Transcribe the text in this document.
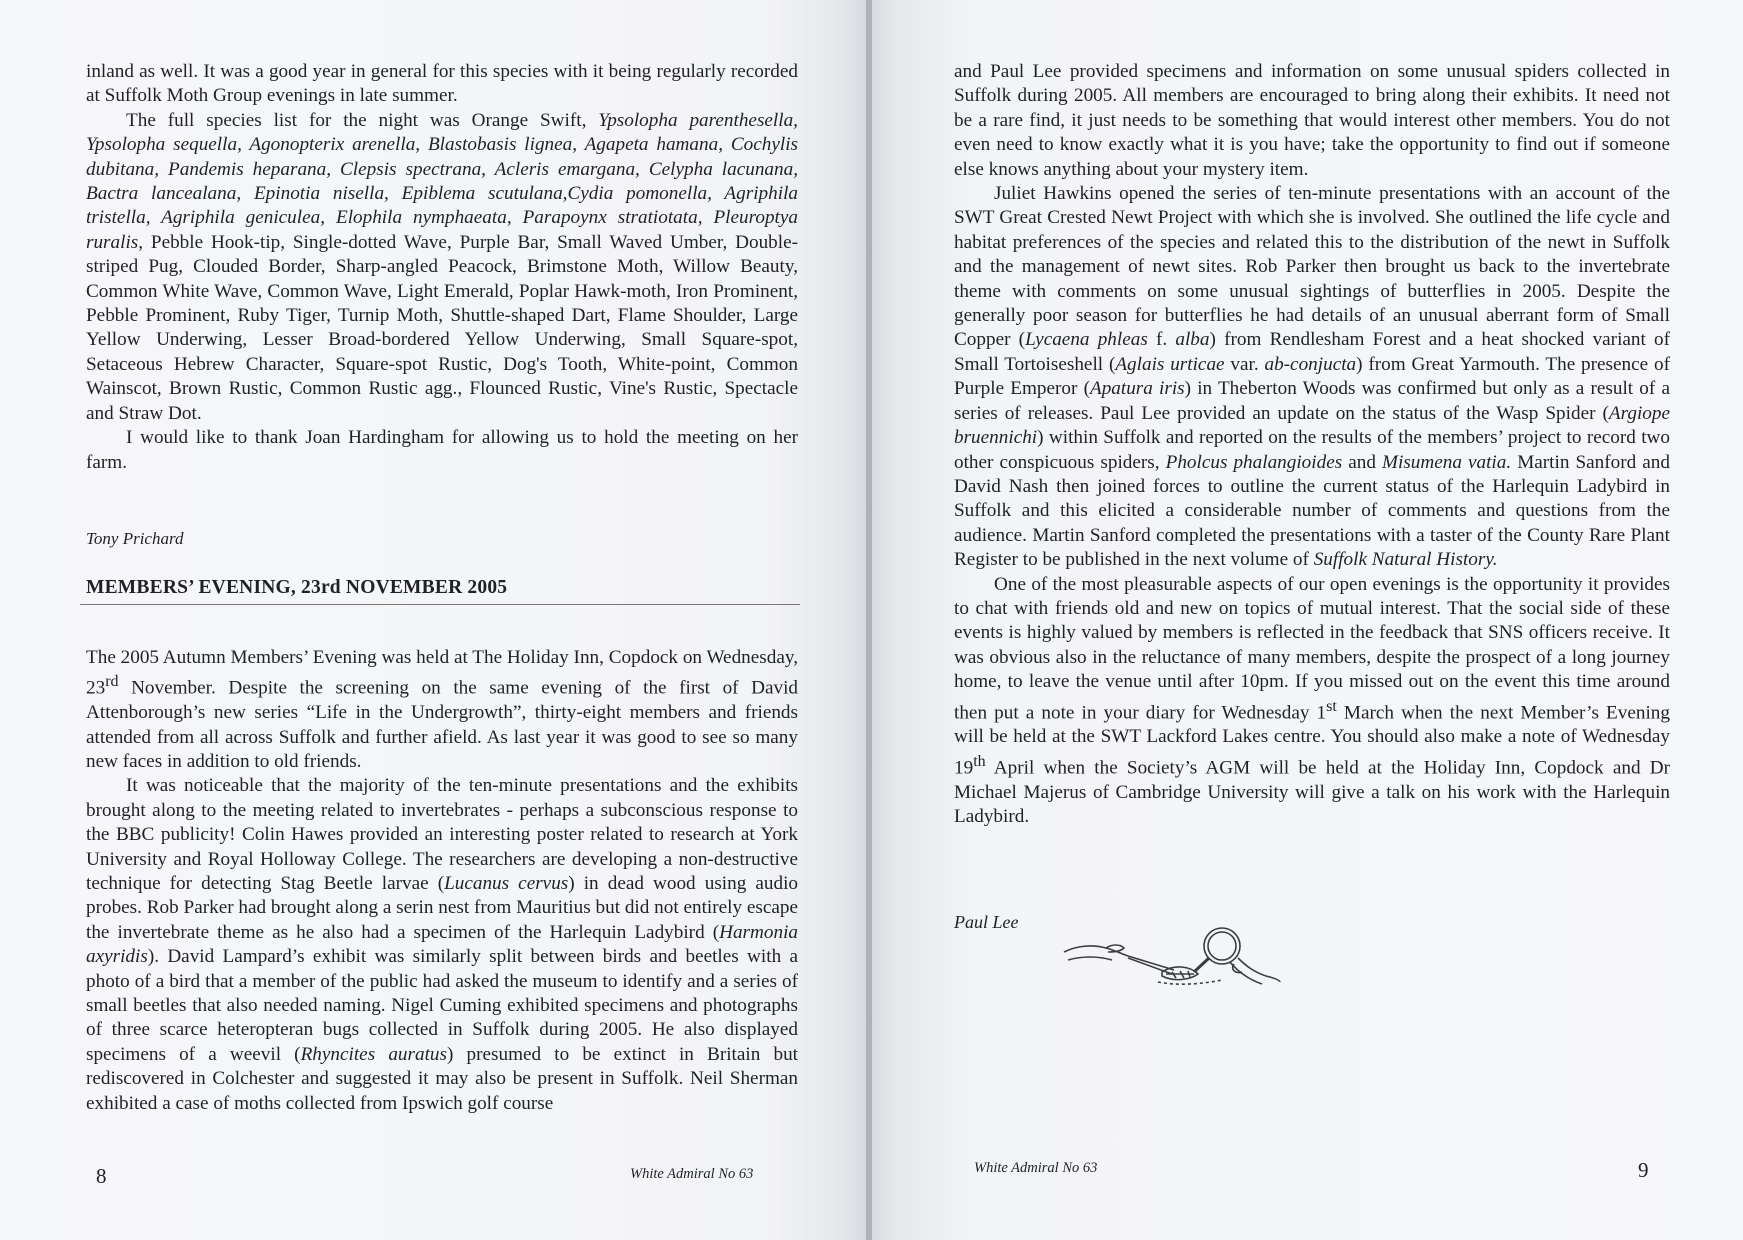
inland as well. It was a good year in general for this species with it being regularly recorded at Suffolk Moth Group evenings in late summer.

The full species list for the night was Orange Swift, Ypsolopha parenthesella, Ypsolopha sequella, Agonopterix arenella, Blastobasis lignea, Agapeta hamana, Cochylis dubitana, Pandemis heparana, Clepsis spectrana, Acleris emargana, Celypha lacunana, Bactra lancealana, Epinotia nisella, Epiblema scutulana,Cydia pomonella, Agriphila tristella, Agriphila geniculea, Elophila nymphaeata, Parapoynx stratiotata, Pleuroptya ruralis, Pebble Hook-tip, Single-dotted Wave, Purple Bar, Small Waved Umber, Double-striped Pug, Clouded Border, Sharp-angled Peacock, Brimstone Moth, Willow Beauty, Common White Wave, Common Wave, Light Emerald, Poplar Hawk-moth, Iron Prominent, Pebble Prominent, Ruby Tiger, Turnip Moth, Shuttle-shaped Dart, Flame Shoulder, Large Yellow Underwing, Lesser Broad-bordered Yellow Underwing, Small Square-spot, Setaceous Hebrew Character, Square-spot Rustic, Dog's Tooth, White-point, Common Wainscot, Brown Rustic, Common Rustic agg., Flounced Rustic, Vine's Rustic, Spectacle and Straw Dot.

I would like to thank Joan Hardingham for allowing us to hold the meeting on her farm.

Tony Prichard
MEMBERS’ EVENING, 23rd NOVEMBER 2005

The 2005 Autumn Members’ Evening was held at The Holiday Inn, Copdock on Wednesday, 23rd November. Despite the screening on the same evening of the first of David Attenborough’s new series “Life in the Undergrowth”, thirty-eight members and friends attended from all across Suffolk and further afield. As last year it was good to see so many new faces in addition to old friends.

It was noticeable that the majority of the ten-minute presentations and the exhibits brought along to the meeting related to invertebrates - perhaps a subconscious response to the BBC publicity! Colin Hawes provided an interesting poster related to research at York University and Royal Holloway College. The researchers are developing a non-destructive technique for detecting Stag Beetle larvae (Lucanus cervus) in dead wood using audio probes. Rob Parker had brought along a serin nest from Mauritius but did not entirely escape the invertebrate theme as he also had a specimen of the Harlequin Ladybird (Harmonia axyridis). David Lampard’s exhibit was similarly split between birds and beetles with a photo of a bird that a member of the public had asked the museum to identify and a series of small beetles that also needed naming. Nigel Cuming exhibited specimens and photographs of three scarce heteropteran bugs collected in Suffolk during 2005. He also displayed specimens of a weevil (Rhyncites auratus) presumed to be extinct in Britain but rediscovered in Colchester and suggested it may also be present in Suffolk. Neil Sherman exhibited a case of moths collected from Ipswich golf course

8	White Admiral No 63

and Paul Lee provided specimens and information on some unusual spiders collected in Suffolk during 2005. All members are encouraged to bring along their exhibits. It need not be a rare find, it just needs to be something that would interest other members. You do not even need to know exactly what it is you have; take the opportunity to find out if someone else knows anything about your mystery item.

Juliet Hawkins opened the series of ten-minute presentations with an account of the SWT Great Crested Newt Project with which she is involved. She outlined the life cycle and habitat preferences of the species and related this to the distribution of the newt in Suffolk and the management of newt sites. Rob Parker then brought us back to the invertebrate theme with comments on some unusual sightings of butterflies in 2005. Despite the generally poor season for butterflies he had details of an unusual aberrant form of Small Copper (Lycaena phleas f. alba) from Rendlesham Forest and a heat shocked variant of Small Tortoiseshell (Aglais urticae var. ab-conjucta) from Great Yarmouth. The presence of Purple Emperor (Apatura iris) in Theberton Woods was confirmed but only as a result of a series of releases. Paul Lee provided an update on the status of the Wasp Spider (Argiope bruennichi) within Suffolk and reported on the results of the members’ project to record two other conspicuous spiders, Pholcus phalangioides and Misumena vatia. Martin Sanford and David Nash then joined forces to outline the current status of the Harlequin Ladybird in Suffolk and this elicited a considerable number of comments and questions from the audience. Martin Sanford completed the presentations with a taster of the County Rare Plant Register to be published in the next volume of Suffolk Natural History.

One of the most pleasurable aspects of our open evenings is the opportunity it provides to chat with friends old and new on topics of mutual interest. That the social side of these events is highly valued by members is reflected in the feedback that SNS officers receive. It was obvious also in the reluctance of many members, despite the prospect of a long journey home, to leave the venue until after 10pm. If you missed out on the event this time around then put a note in your diary for Wednesday 1st March when the next Member’s Evening will be held at the SWT Lackford Lakes centre. You should also make a note of Wednesday 19th April when the Society’s AGM will be held at the Holiday Inn, Copdock and Dr Michael Majerus of Cambridge University will give a talk on his work with the Harlequin Ladybird.

Paul Lee
White Admiral No 63	9
